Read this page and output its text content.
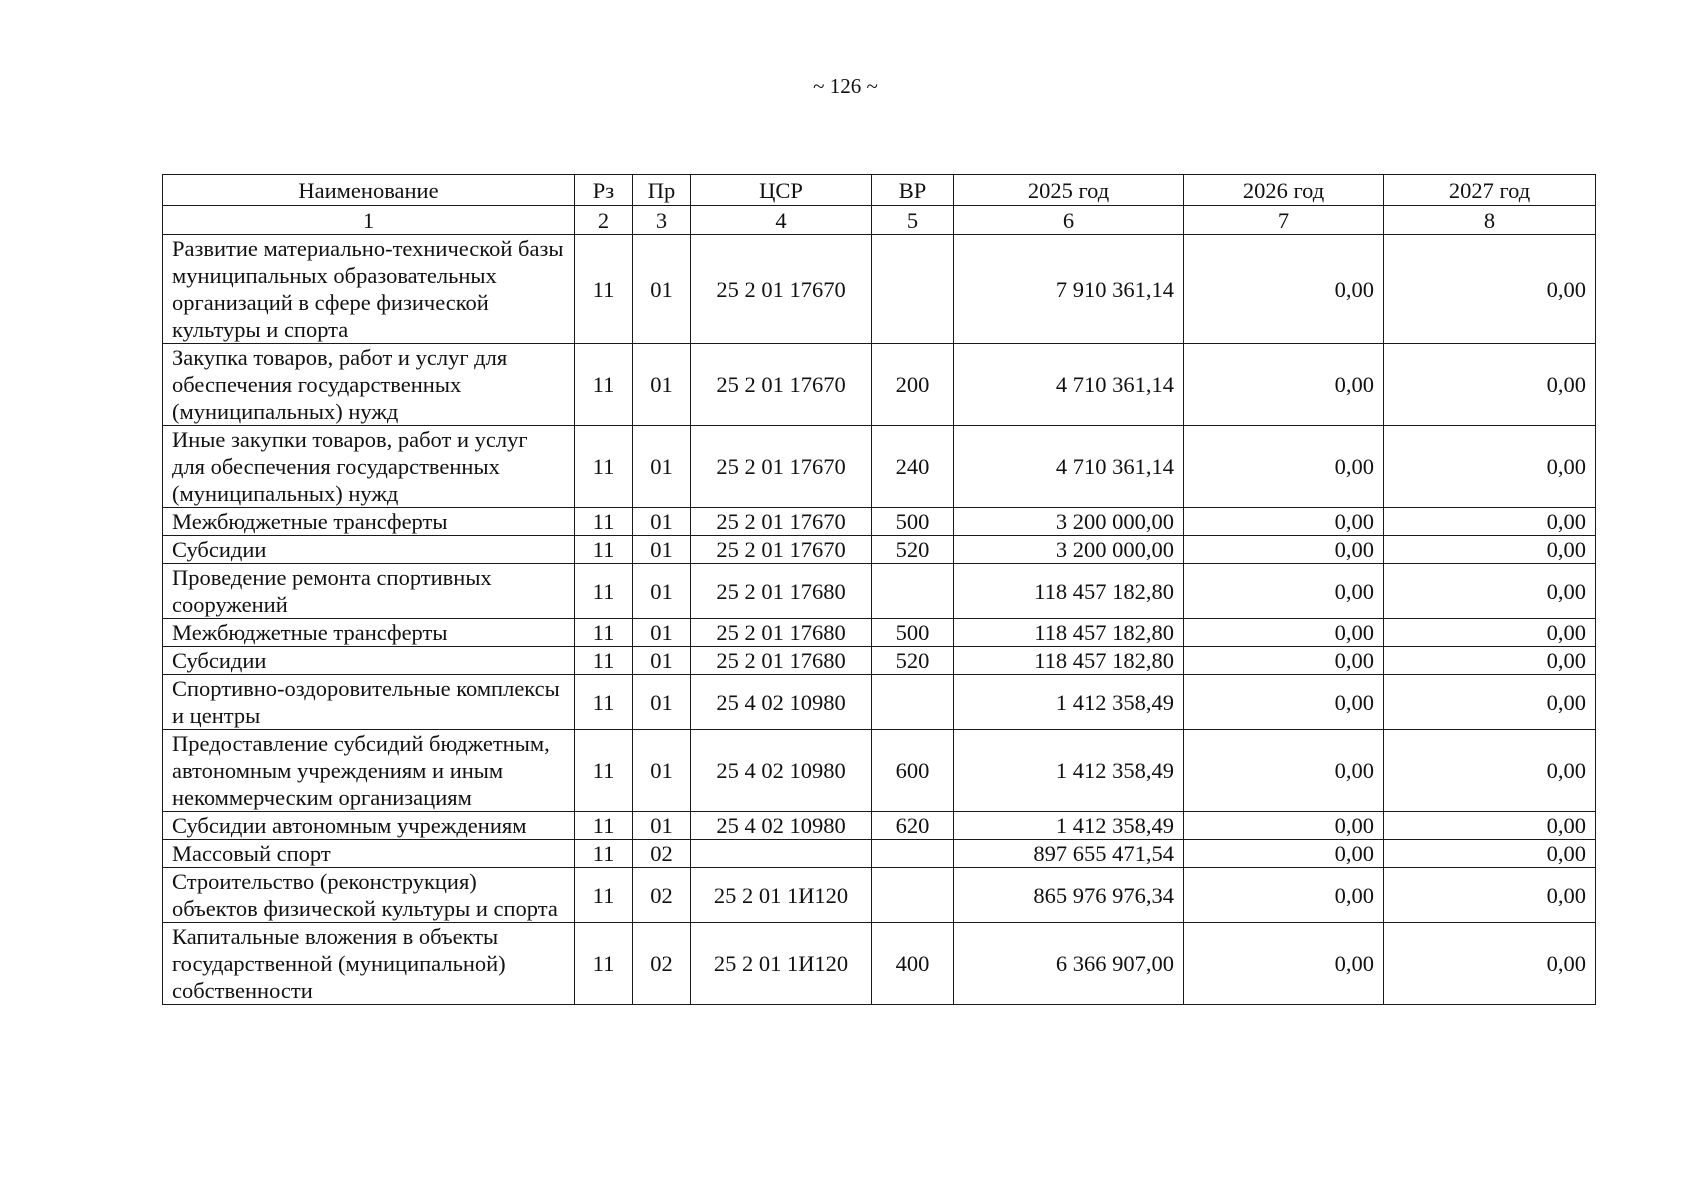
~ 126 ~
Наименование	Рз	Пр	ЦСР	ВР	2025 год	2026 год	2027 год
1	2	3	4	5	6	7	8
Развитие материально-технической базы муниципальных образовательных организаций в сфере физической культуры и спорта	11	01	25 2 01 17670		7 910 361,14	0,00	0,00
Закупка товаров, работ и услуг для обеспечения государственных (муниципальных) нужд	11	01	25 2 01 17670	200	4 710 361,14	0,00	0,00
Иные закупки товаров, работ и услуг для обеспечения государственных (муниципальных) нужд	11	01	25 2 01 17670	240	4 710 361,14	0,00	0,00
Межбюджетные трансферты	11	01	25 2 01 17670	500	3 200 000,00	0,00	0,00
Субсидии	11	01	25 2 01 17670	520	3 200 000,00	0,00	0,00
Проведение ремонта спортивных сооружений	11	01	25 2 01 17680		118 457 182,80	0,00	0,00
Межбюджетные трансферты	11	01	25 2 01 17680	500	118 457 182,80	0,00	0,00
Субсидии	11	01	25 2 01 17680	520	118 457 182,80	0,00	0,00
Спортивно-оздоровительные комплексы и центры	11	01	25 4 02 10980		1 412 358,49	0,00	0,00
Предоставление субсидий бюджетным, автономным учреждениям и иным некоммерческим организациям	11	01	25 4 02 10980	600	1 412 358,49	0,00	0,00
Субсидии автономным учреждениям	11	01	25 4 02 10980	620	1 412 358,49	0,00	0,00
Массовый спорт	11	02			897 655 471,54	0,00	0,00
Строительство (реконструкция) объектов физической культуры и спорта	11	02	25 2 01 1И120		865 976 976,34	0,00	0,00
Капитальные вложения в объекты государственной (муниципальной) собственности	11	02	25 2 01 1И120	400	6 366 907,00	0,00	0,00
